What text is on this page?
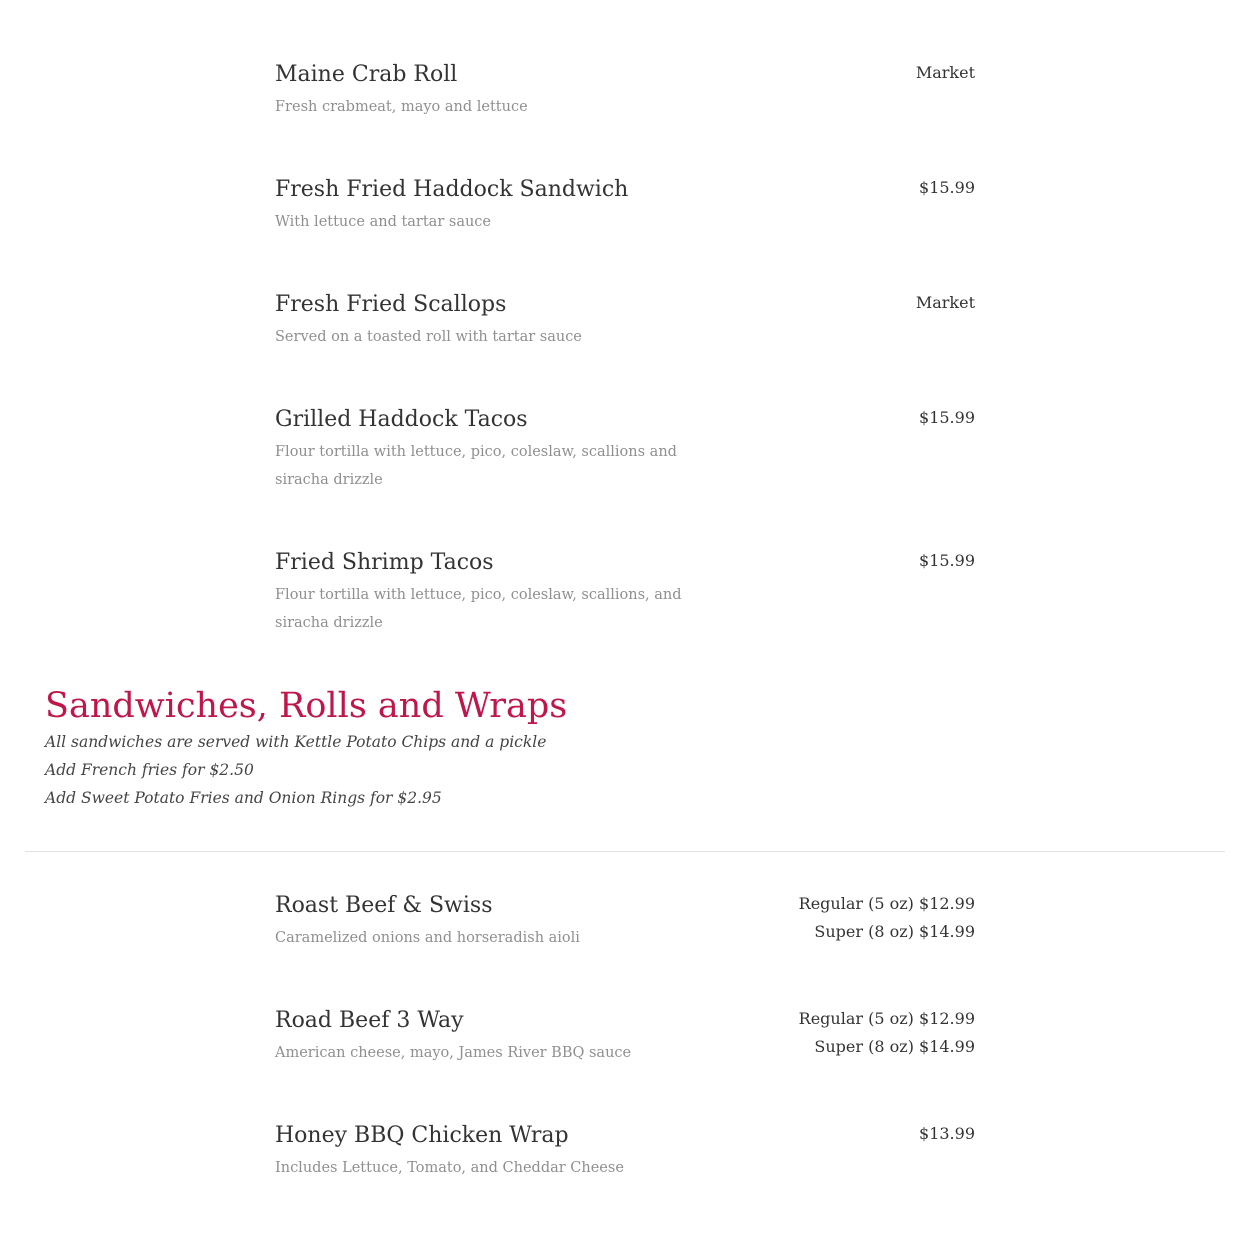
Maine Crab Roll
Fresh crabmeat, mayo and lettuce
Market
Fresh Fried Haddock Sandwich
With lettuce and tartar sauce
$15.99
Fresh Fried Scallops
Served on a toasted roll with tartar sauce
Market
Grilled Haddock Tacos
Flour tortilla with lettuce, pico, coleslaw, scallions and siracha drizzle
$15.99
Fried Shrimp Tacos
Flour tortilla with lettuce, pico, coleslaw, scallions, and siracha drizzle
$15.99
Sandwiches, Rolls and Wraps
All sandwiches are served with Kettle Potato Chips and a pickle
Add French fries for $2.50
Add Sweet Potato Fries and Onion Rings for $2.95
Roast Beef & Swiss
Caramelized onions and horseradish aioli
Regular (5 oz) $12.99
Super (8 oz) $14.99
Road Beef 3 Way
American cheese, mayo, James River BBQ sauce
Regular (5 oz) $12.99
Super (8 oz) $14.99
Honey BBQ Chicken Wrap
Includes Lettuce, Tomato, and Cheddar Cheese
$13.99
